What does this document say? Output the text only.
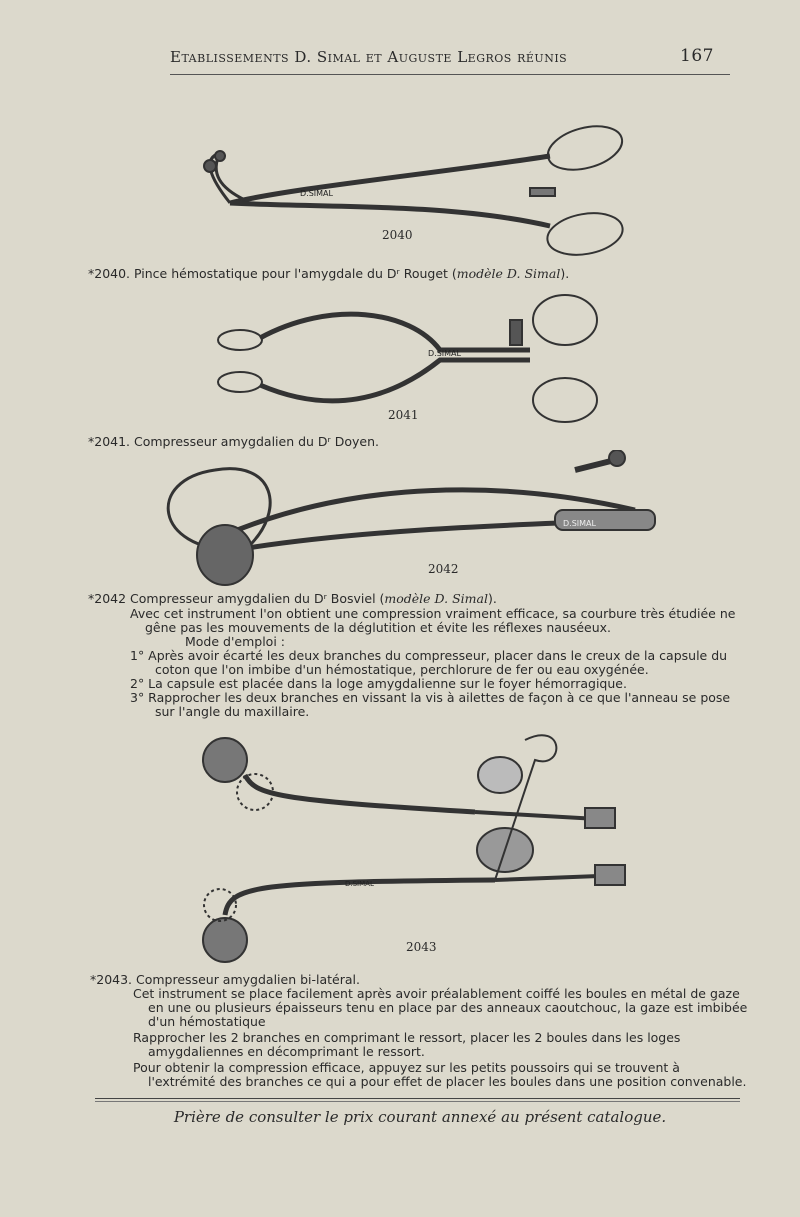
Etablissements D. Simal et Auguste Legros réunis	167
D.SIMAL
2040
*2040. Pince hémostatique pour l'amygdale du Dʳ Rouget (modèle D. Simal).
D.SIMAL
2041
*2041. Compresseur amygdalien du Dʳ Doyen.
D.SIMAL
2042
*2042 Compresseur amygdalien du Dʳ Bosviel (modèle D. Simal).
Avec cet instrument l'on obtient une compression vraiment efficace, sa courbure très étudiée ne
gêne pas les mouvements de la déglutition et évite les réflexes nauséeux.
Mode d'emploi :
1° Après avoir écarté les deux branches du compresseur, placer dans le creux de la capsule du
coton que l'on imbibe d'un hémostatique, perchlorure de fer ou eau oxygénée.
2° La capsule est placée dans la loge amygdalienne sur le foyer hémorragique.
3° Rapprocher les deux branches en vissant la vis à ailettes de façon à ce que l'anneau se pose
sur l'angle du maxillaire.
D.SIMAL
2043
*2043. Compresseur amygdalien bi-latéral.
Cet instrument se place facilement après avoir préalablement coiffé les boules en métal de gaze
en une ou plusieurs épaisseurs tenu en place par des anneaux caoutchouc, la gaze est imbibée
d'un hémostatique
Rapprocher les 2 branches en comprimant le ressort, placer les 2 boules dans les loges
amygdaliennes en décomprimant le ressort.
Pour obtenir la compression efficace, appuyez sur les petits poussoirs qui se trouvent à
l'extrémité des branches ce qui a pour effet de placer les boules dans une position convenable.
Prière de consulter le prix courant annexé au présent catalogue.
